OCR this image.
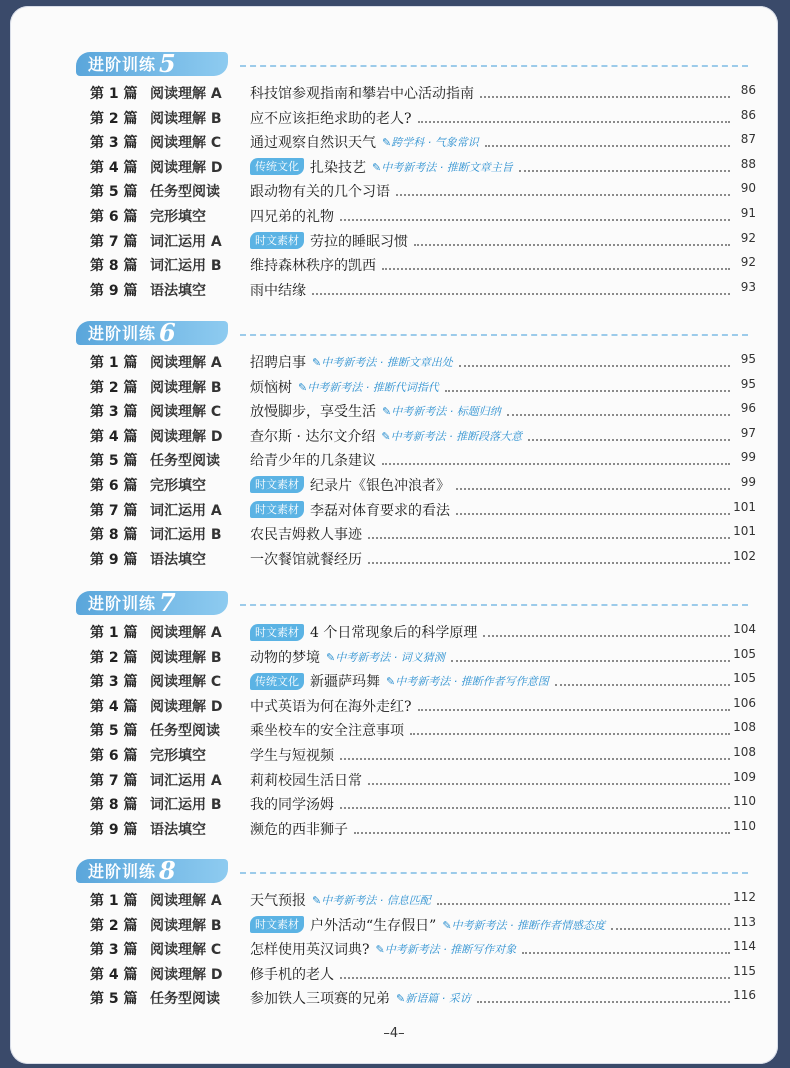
进阶训练 5
第 1 篇 阅读理解 A 科技馆参观指南和攀岩中心活动指南	86
第 2 篇 阅读理解 B 应不应该拒绝求助的老人?	86
第 3 篇 阅读理解 C 通过观察自然识天气 ✎跨学科 · 气象常识	87
第 4 篇 阅读理解 D	传统文化 扎染技艺 ✎中考新考法 · 推断文章主旨	88
第 5 篇 任务型阅读 跟动物有关的几个习语	90
第 6 篇 完形填空	四兄弟的礼物	91
第 7 篇 词汇运用 A	时文素材 劳拉的睡眠习惯	92
第 8 篇 词汇运用 B 维持森林秩序的凯西	92
第 9 篇 语法填空	雨中结缘	93
进阶训练 6
第 1 篇 阅读理解 A 招聘启事 ✎中考新考法 · 推断文章出处	95
第 2 篇 阅读理解 B 烦恼树 ✎中考新考法 · 推断代词指代	95
第 3 篇 阅读理解 C 放慢脚步，享受生活 ✎中考新考法 · 标题归纳	96
第 4 篇 阅读理解 D 查尔斯 · 达尔文介绍 ✎中考新考法 · 推断段落大意	97
第 5 篇 任务型阅读 给青少年的几条建议	99
第 6 篇 完形填空	时文素材 纪录片《银色冲浪者》	99
第 7 篇 词汇运用 A	时文素材 李磊对体育要求的看法	101
第 8 篇 词汇运用 B 农民吉姆救人事迹	101
第 9 篇 语法填空	一次餐馆就餐经历	102
进阶训练 7
第 1 篇 阅读理解 A	时文素材 4 个日常现象后的科学原理	104
第 2 篇 阅读理解 B 动物的梦境 ✎中考新考法 · 词义猜测	105
第 3 篇 阅读理解 C	传统文化 新疆萨玛舞 ✎中考新考法 · 推断作者写作意图	105
第 4 篇 阅读理解 D 中式英语为何在海外走红?	106
第 5 篇 任务型阅读 乘坐校车的安全注意事项	108
第 6 篇 完形填空	学生与短视频	108
第 7 篇 词汇运用 A 莉莉校园生活日常	109
第 8 篇 词汇运用 B 我的同学汤姆	110
第 9 篇 语法填空	濒危的西非狮子	110
进阶训练 8
第 1 篇 阅读理解 A 天气预报 ✎中考新考法 · 信息匹配	112
第 2 篇 阅读理解 B	时文素材 户外活动“生存假日” ✎中考新考法 · 推断作者情感态度	113
第 3 篇 阅读理解 C 怎样使用英汉词典? ✎中考新考法 · 推断写作对象	114
第 4 篇 阅读理解 D 修手机的老人	115
第 5 篇 任务型阅读 参加铁人三项赛的兄弟 ✎新语篇 · 采访	116
–4–
